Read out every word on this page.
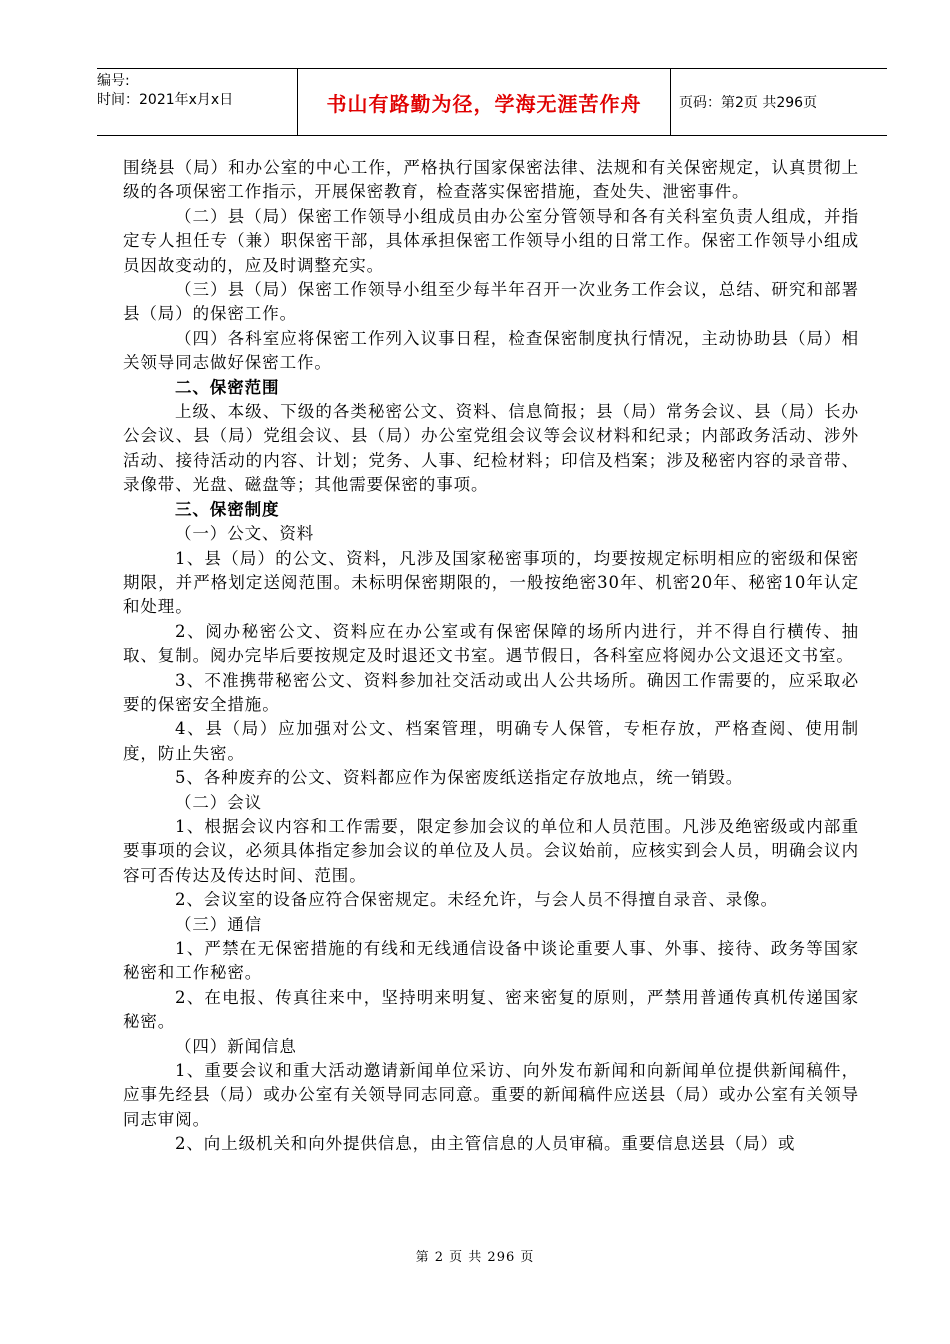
编号:
时间：2021年x月x日	书山有路勤为径，学海无涯苦作舟	页码：第2页 共296页

围绕县（局）和办公室的中心工作，严格执行国家保密法律、法规和有关保密规定，认真贯彻上级的各项保密工作指示，开展保密教育，检查落实保密措施，查处失、泄密事件。

（二）县（局）保密工作领导小组成员由办公室分管领导和各有关科室负责人组成，并指定专人担任专（兼）职保密干部，具体承担保密工作领导小组的日常工作。保密工作领导小组成员因故变动的，应及时调整充实。

（三）县（局）保密工作领导小组至少每半年召开一次业务工作会议，总结、研究和部署县（局）的保密工作。

（四）各科室应将保密工作列入议事日程，检查保密制度执行情况，主动协助县（局）相关领导同志做好保密工作。

二、保密范围

上级、本级、下级的各类秘密公文、资料、信息简报；县（局）常务会议、县（局）长办公会议、县（局）党组会议、县（局）办公室党组会议等会议材料和纪录；内部政务活动、涉外活动、接待活动的内容、计划；党务、人事、纪检材料；印信及档案；涉及秘密内容的录音带、录像带、光盘、磁盘等；其他需要保密的事项。

三、保密制度

（一）公文、资料

1、县（局）的公文、资料，凡涉及国家秘密事项的，均要按规定标明相应的密级和保密期限，并严格划定送阅范围。未标明保密期限的，一般按绝密30年、机密20年、秘密10年认定和处理。

2、阅办秘密公文、资料应在办公室或有保密保障的场所内进行，并不得自行横传、抽取、复制。阅办完毕后要按规定及时退还文书室。遇节假日，各科室应将阅办公文退还文书室。

3、不准携带秘密公文、资料参加社交活动或出人公共场所。确因工作需要的，应采取必要的保密安全措施。

4、县（局）应加强对公文、档案管理，明确专人保管，专柜存放，严格查阅、使用制度，防止失密。

5、各种废弃的公文、资料都应作为保密废纸送指定存放地点，统一销毁。

（二）会议

1、根据会议内容和工作需要，限定参加会议的单位和人员范围。凡涉及绝密级或内部重要事项的会议，必须具体指定参加会议的单位及人员。会议始前，应核实到会人员，明确会议内容可否传达及传达时间、范围。

2、会议室的设备应符合保密规定。未经允许，与会人员不得擅自录音、录像。

（三）通信

1、严禁在无保密措施的有线和无线通信设备中谈论重要人事、外事、接待、政务等国家秘密和工作秘密。

2、在电报、传真往来中，坚持明来明复、密来密复的原则，严禁用普通传真机传递国家秘密。

（四）新闻信息

1、重要会议和重大活动邀请新闻单位采访、向外发布新闻和向新闻单位提供新闻稿件，应事先经县（局）或办公室有关领导同志同意。重要的新闻稿件应送县（局）或办公室有关领导同志审阅。

2、向上级机关和向外提供信息，由主管信息的人员审稿。重要信息送县（局）或

第 2 页 共 296 页
